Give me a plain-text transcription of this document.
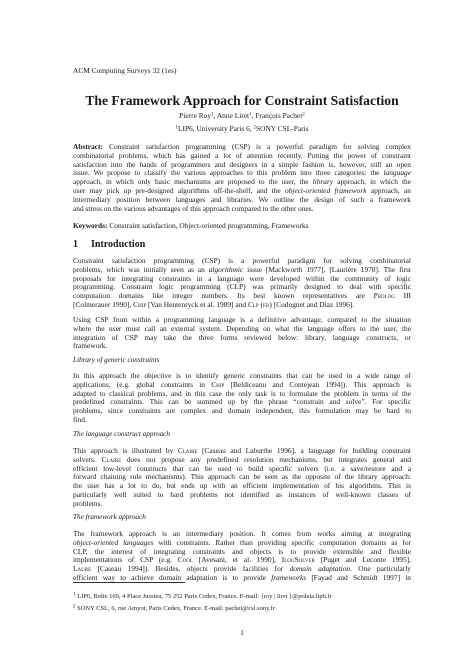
ACM Computing Surveys 32 (1es)
The Framework Approach for Constraint Satisfaction
Pierre Roy$^1$, Anne Liret$^1$, François Pachet$^2$
$^1$LIP6, University Paris 6, $^2$SONY CSL-Paris
Abstract: Constraint satisfaction programming (CSP) is a powerful paradigm for solving complex
combinatorial problems, which has gained a lot of attention recently. Putting the power of constraint
satisfaction into the hands of programmers and designers in a simple fashion is, however, still an open
issue. We propose to classify the various approaches to this problem into three categories: the language
approach, in which only basic mechanisms are proposed to the user, the library approach, in which the
user may pick up pre-designed algorithms off-the-shelf, and the object-oriented framework approach, an
intermediary position between languages and libraries. We outline the design of such a framework
and stress on the various advantages of this approach compared to the other ones.
Keywords: Constraint satisfaction, Object-oriented programming, Frameworks
1 Introduction
Constraint satisfaction programming (CSP) is a powerful paradigm for solving combinatorial
problems, which was initially seen as an algorithmic issue [Mackworth 1977], [Laurière 1978]. The first
proposals for integrating constraints in a language were developed within the community of logic
programming. Constraint logic programming (CLP) was primarily designed to deal with specific
computation domains like integer numbers. Its best known representatives are Prolog III
[Colmerauer 1990], Chip [Van Hentenryck et al. 1989] and Clp (fd) [Codognet and Diaz 1996].
Using CSP from within a programming language is a definitive advantage, compared to the situation
where the user must call an external system. Depending on what the language offers to the user, the
integration of CSP may take the three forms reviewed below: library, language constructs, or
framework.
Library of generic constraints
In this approach the objective is to identify generic constraints that can be used in a wide range of
applications, (e.g. global constraints in Chip [Beldiceanu and Contejean 1994]). This approach is
adapted to classical problems, and in this case the only task is to formulate the problem in terms of the
predefined constraints. This can be summed up by the phrase “constrain and solve”. For specific
problems, since constraints are complex and domain independent, this formulation may be hard to
find.
The language construct approach
This approach is illustrated by Claire [Caseau and Laburthe 1996], a language for building constraint
solvers. Claire does not propose any predefined resolution mechanisms, but integrates general and
efficient low-level constructs that can be used to build specific solvers (i.e. a save/restore and a
forward chaining rule mechanisms). This approach can be seen as the opposite of the library approach:
the user has a lot to do, but ends up with an efficient implementation of his algorithms. This is
particularly well suited to hard problems not identified as instances of well-known classes of
problems.
The framework approach
The framework approach is an intermediary position. It comes from works aiming at integrating
object-oriented languages with constraints. Rather than providing specific computation domains as for
CLP, the interest of integrating constraints and objects is to provide extensible and flexible
implementations of CSP (e.g. Cool [Avesani, et al. 1990], IlogSolver [Puget and Leconte 1995],
Laure [Caseau 1994]). Besides, objects provide facilities for domain adaptation. One particularly
efficient way to achieve domain adaptation is to provide frameworks [Fayad and Schmidt 1997] in
$^1$ LIP6, Boîte 169, 4 Place Jussieu, 75 252 Paris Cedex, France. E-mail: {roy | liret }@poleia.lip6.fr
$^2$ SONY CSL, 6, rue Amyot, Paris Cedex, France. E-mail: pachet@csl.sony.fr
1
